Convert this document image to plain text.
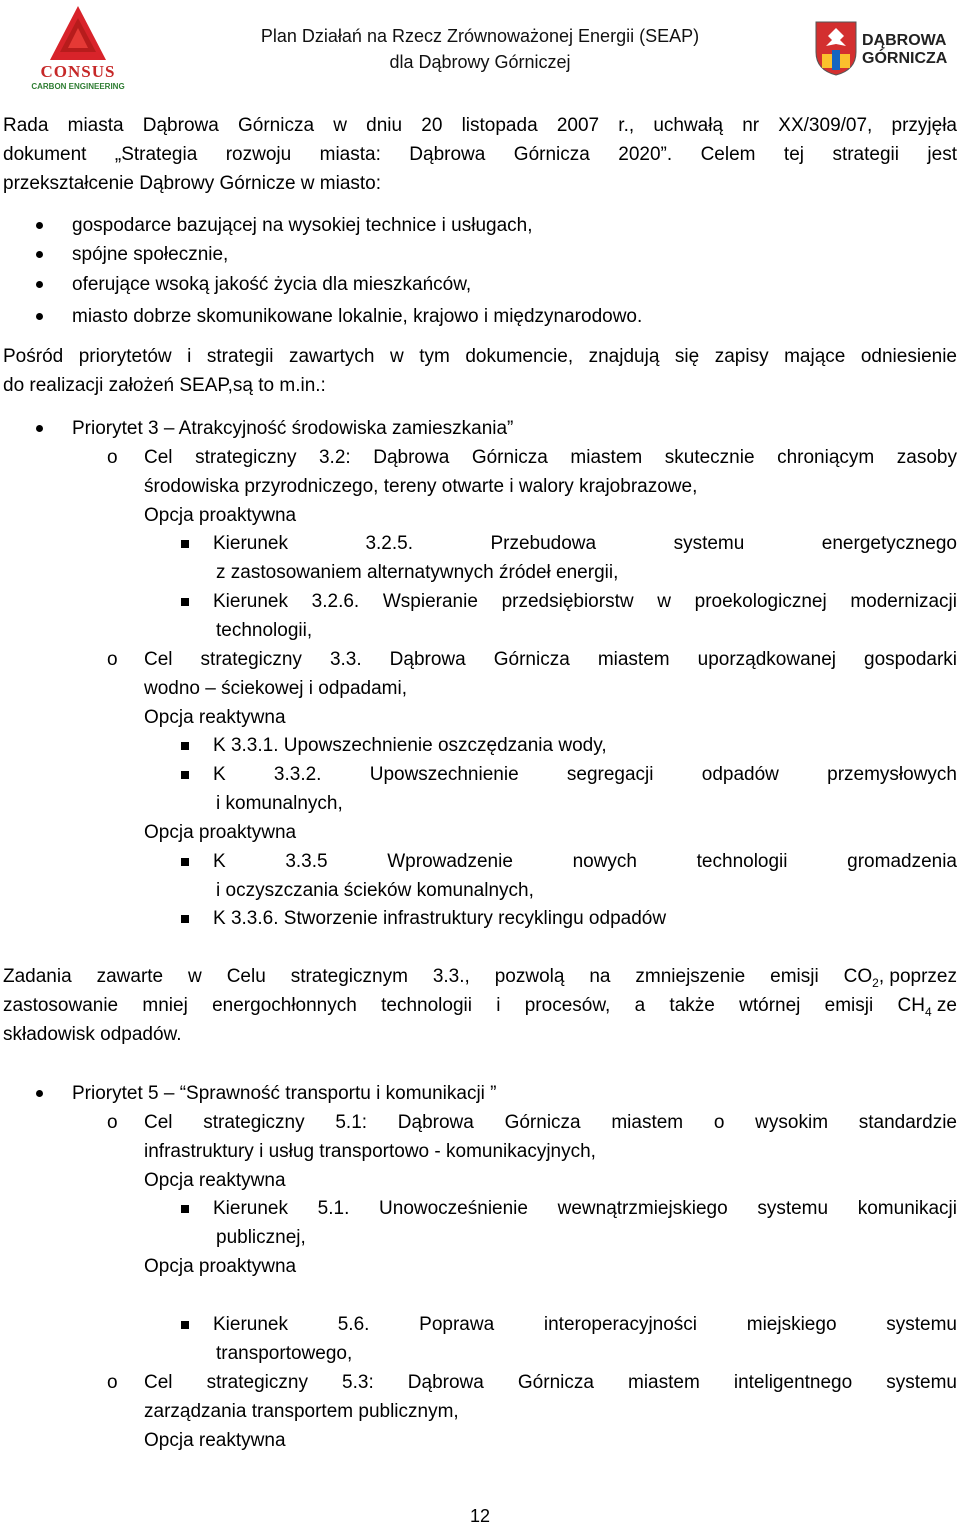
CONSUS
CARBON ENGINEERING
Plan Działań na Rzecz Zrównoważonej Energii (SEAP)
dla Dąbrowy Górniczej
DĄBROWA
GÓRNICZA
Rada miasta Dąbrowa Górnicza w dniu 20 listopada 2007 r., uchwałą nr XX/309/07, przyjęła
dokument „Strategia rozwoju miasta: Dąbrowa Górnicza 2020”. Celem tej strategii jest
przekształcenie Dąbrowy Górnicze w miasto:
gospodarce bazującej na wysokiej technice i usługach,
spójne społecznie,
oferujące wsoką jakość życia dla mieszkańców,
miasto dobrze skomunikowane lokalnie, krajowo i międzynarodowo.
Pośród priorytetów i strategii zawartych w tym dokumencie, znajdują się zapisy mające odniesienie
do realizacji założeń SEAP,są to m.in.:
Priorytet 3 – Atrakcyjność środowiska zamieszkania”
o Cel strategiczny 3.2: Dąbrowa Górnicza miastem skutecznie chroniącym zasoby
środowiska przyrodniczego, tereny otwarte i walory krajobrazowe,
Opcja proaktywna
Kierunek 3.2.5. Przebudowa systemu energetycznego
z zastosowaniem alternatywnych źródeł energii,
Kierunek 3.2.6. Wspieranie przedsiębiorstw w proekologicznej modernizacji
technologii,
o Cel strategiczny 3.3. Dąbrowa Górnicza miastem uporządkowanej gospodarki
wodno – ściekowej i odpadami,
Opcja reaktywna
K 3.3.1. Upowszechnienie oszczędzania wody,
K 3.3.2. Upowszechnienie segregacji odpadów przemysłowych
i komunalnych,
Opcja proaktywna
K 3.3.5 Wprowadzenie nowych technologii gromadzenia
i oczyszczania ścieków komunalnych,
K 3.3.6. Stworzenie infrastruktury recyklingu odpadów
Zadania zawarte w Celu strategicznym 3.3., pozwolą na zmniejszenie emisji CO $_2$ , poprzez
zastosowanie mniej energochłonnych technologii i procesów, a także wtórnej emisji CH $_4$ ze
składowisk odpadów.
Priorytet 5 – “Sprawność transportu i komunikacji ”
o Cel strategiczny 5.1: Dąbrowa Górnicza miastem o wysokim standardzie
infrastruktury i usług transportowo - komunikacyjnych,
Opcja reaktywna
Kierunek 5.1. Unowocześnienie wewnątrzmiejskiego systemu komunikacji
publicznej,
Opcja proaktywna
Kierunek 5.6. Poprawa interoperacyjności miejskiego systemu
transportowego,
o Cel strategiczny 5.3: Dąbrowa Górnicza miastem inteligentnego systemu
zarządzania transportem publicznym,
Opcja reaktywna
12
